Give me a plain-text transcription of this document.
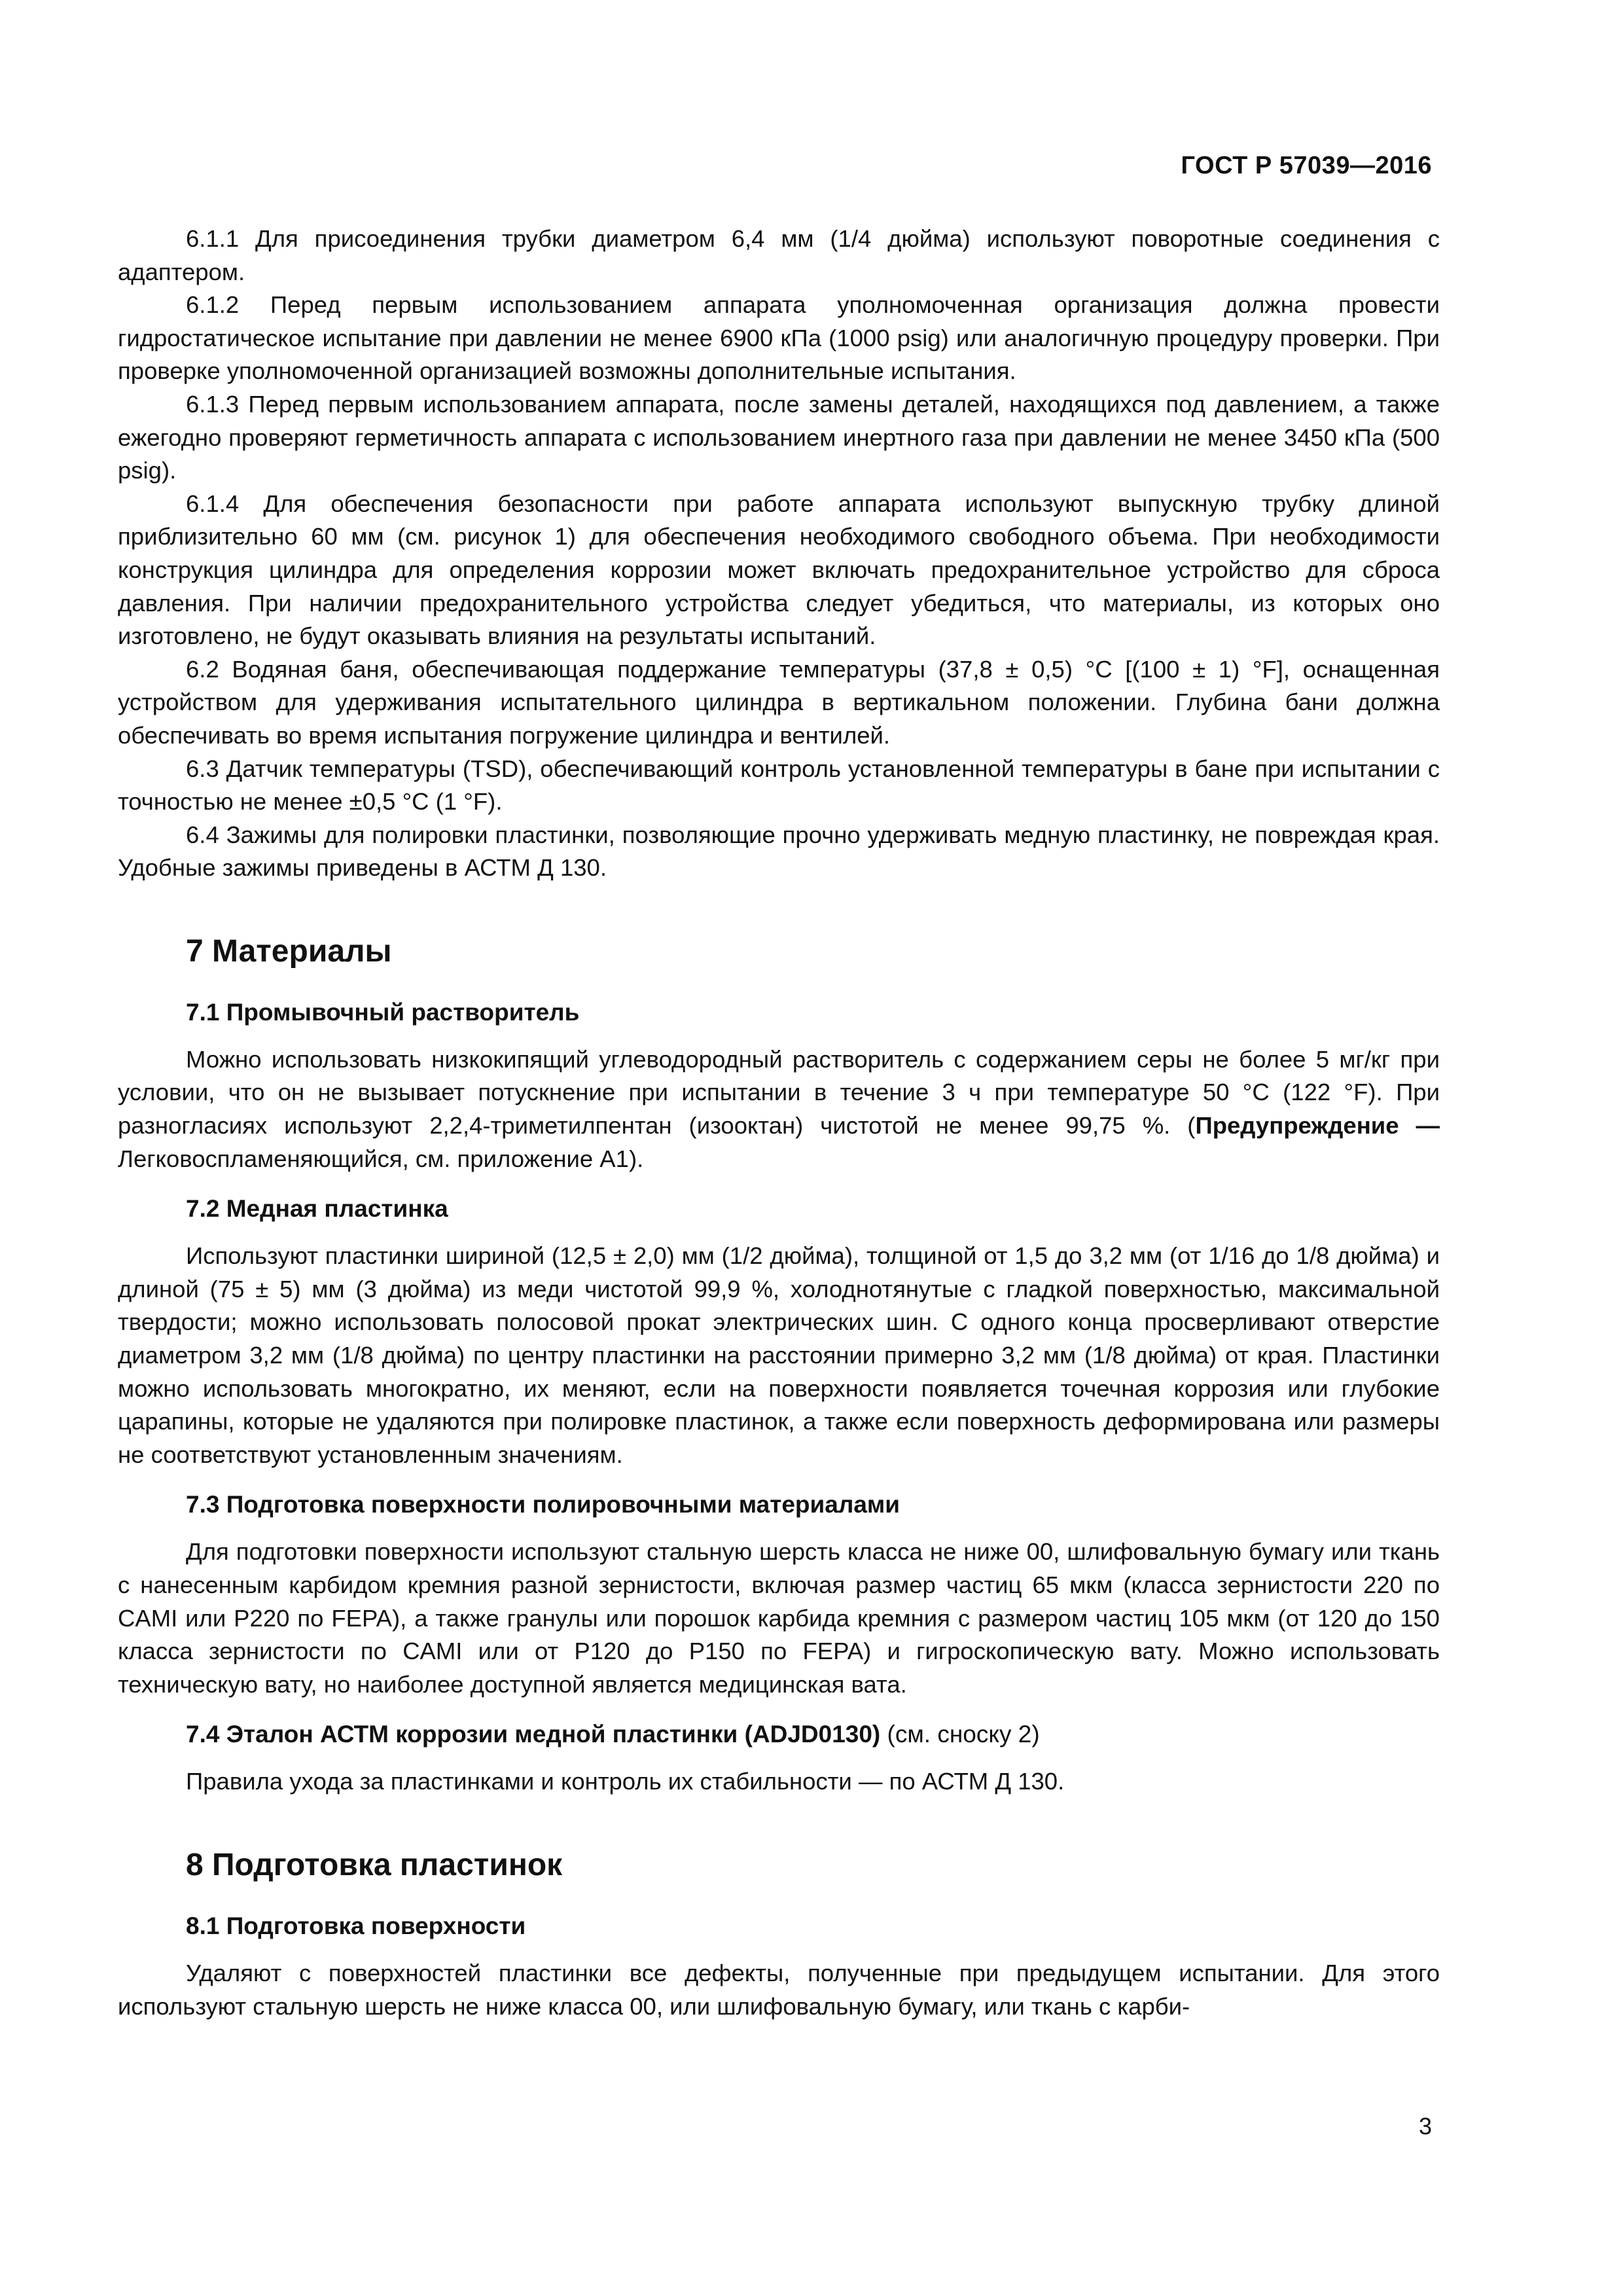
ГОСТ Р 57039—2016

6.1.1 Для присоединения трубки диаметром 6,4 мм (1/4 дюйма) используют поворотные соединения с адаптером.

6.1.2 Перед первым использованием аппарата уполномоченная организация должна провести гидростатическое испытание при давлении не менее 6900 кПа (1000 psig) или аналогичную процедуру проверки. При проверке уполномоченной организацией возможны дополнительные испытания.

6.1.3 Перед первым использованием аппарата, после замены деталей, находящихся под давлением, а также ежегодно проверяют герметичность аппарата с использованием инертного газа при давлении не менее 3450 кПа (500 psig).

6.1.4 Для обеспечения безопасности при работе аппарата используют выпускную трубку длиной приблизительно 60 мм (см. рисунок 1) для обеспечения необходимого свободного объема. При необходимости конструкция цилиндра для определения коррозии может включать предохранительное устройство для сброса давления. При наличии предохранительного устройства следует убедиться, что материалы, из которых оно изготовлено, не будут оказывать влияния на результаты испытаний.

6.2 Водяная баня, обеспечивающая поддержание температуры (37,8 ± 0,5) °С [(100 ± 1) °F], оснащенная устройством для удерживания испытательного цилиндра в вертикальном положении. Глубина бани должна обеспечивать во время испытания погружение цилиндра и вентилей.

6.3 Датчик температуры (TSD), обеспечивающий контроль установленной температуры в бане при испытании с точностью не менее ±0,5 °С (1 °F).

6.4 Зажимы для полировки пластинки, позволяющие прочно удерживать медную пластинку, не повреждая края. Удобные зажимы приведены в АСТМ Д 130.

7 Материалы
7.1 Промывочный растворитель

Можно использовать низкокипящий углеводородный растворитель с содержанием серы не более 5 мг/кг при условии, что он не вызывает потускнение при испытании в течение 3 ч при температуре 50 °С (122 °F). При разногласиях используют 2,2,4-триметилпентан (изооктан) чистотой не менее 99,75 %. (Предупреждение — Легковоспламеняющийся, см. приложение А1).

7.2 Медная пластинка

Используют пластинки шириной (12,5 ± 2,0) мм (1/2 дюйма), толщиной от 1,5 до 3,2 мм (от 1/16 до 1/8 дюйма) и длиной (75 ± 5) мм (3 дюйма) из меди чистотой 99,9 %, холоднотянутые с гладкой поверхностью, максимальной твердости; можно использовать полосовой прокат электрических шин. С одного конца просверливают отверстие диаметром 3,2 мм (1/8 дюйма) по центру пластинки на расстоянии примерно 3,2 мм (1/8 дюйма) от края. Пластинки можно использовать многократно, их меняют, если на поверхности появляется точечная коррозия или глубокие царапины, которые не удаляются при полировке пластинок, а также если поверхность деформирована или размеры не соответствуют установленным значениям.

7.3 Подготовка поверхности полировочными материалами

Для подготовки поверхности используют стальную шерсть класса не ниже 00, шлифовальную бумагу или ткань с нанесенным карбидом кремния разной зернистости, включая размер частиц 65 мкм (класса зернистости 220 по CAMI или P220 по FEPA), а также гранулы или порошок карбида кремния с размером частиц 105 мкм (от 120 до 150 класса зернистости по CAMI или от P120 до P150 по FEPA) и гигроскопическую вату. Можно использовать техническую вату, но наиболее доступной является медицинская вата.

7.4 Эталон АСТМ коррозии медной пластинки (ADJD0130) (см. сноску 2)

Правила ухода за пластинками и контроль их стабильности — по АСТМ Д 130.

8 Подготовка пластинок
8.1 Подготовка поверхности

Удаляют с поверхностей пластинки все дефекты, полученные при предыдущем испытании. Для этого используют стальную шерсть не ниже класса 00, или шлифовальную бумагу, или ткань с карби-

3
